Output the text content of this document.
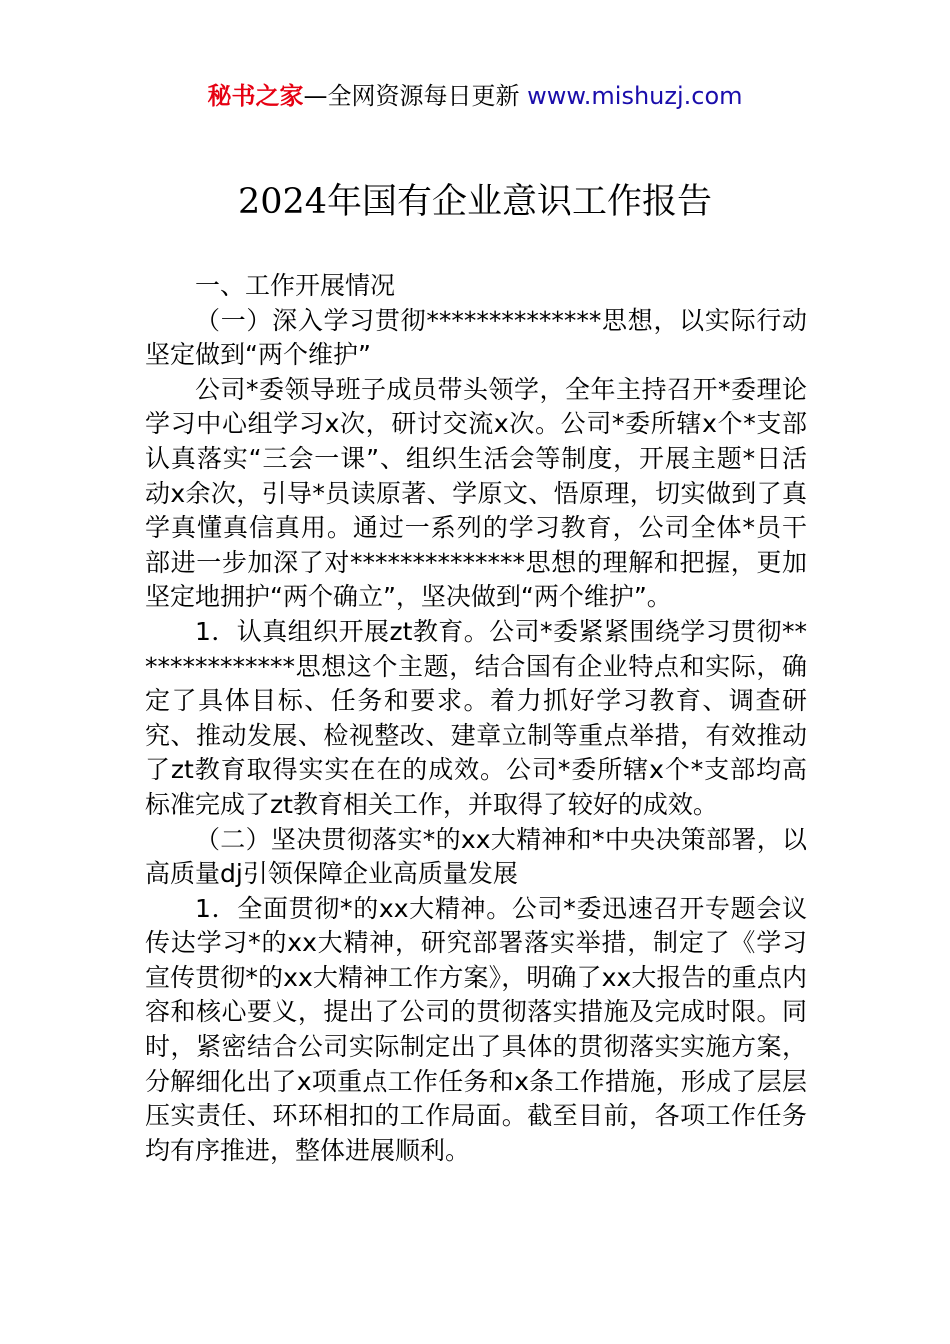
秘书之家—全网资源每日更新 www.mishuzj.com
2024年国有企业意识工作报告

一、工作开展情况

（一）深入学习贯彻**************思想，以实际行动坚定做到“两个维护”

公司*委领导班子成员带头领学，全年主持召开*委理论学习中心组学习x次，研讨交流x次。公司*委所辖x个*支部认真落实“三会一课”、组织生活会等制度，开展主题*日活动x余次，引导*员读原著、学原文、悟原理，切实做到了真学真懂真信真用。通过一系列的学习教育，公司全体*员干部进一步加深了对**************思想的理解和把握，更加坚定地拥护“两个确立”，坚决做到“两个维护”。

1．认真组织开展zt教育。公司*委紧紧围绕学习贯彻**************思想这个主题，结合国有企业特点和实际，确定了具体目标、任务和要求。着力抓好学习教育、调查研究、推动发展、检视整改、建章立制等重点举措，有效推动了zt教育取得实实在在的成效。公司*委所辖x个*支部均高标准完成了zt教育相关工作，并取得了较好的成效。

（二）坚决贯彻落实*的xx大精神和*中央决策部署，以高质量dj引领保障企业高质量发展

1．全面贯彻*的xx大精神。公司*委迅速召开专题会议传达学习*的xx大精神，研究部署落实举措，制定了《学习宣传贯彻*的xx大精神工作方案》，明确了xx大报告的重点内容和核心要义，提出了公司的贯彻落实措施及完成时限。同时，紧密结合公司实际制定出了具体的贯彻落实实施方案，分解细化出了x项重点工作任务和x条工作措施，形成了层层压实责任、环环相扣的工作局面。截至目前，各项工作任务均有序推进，整体进展顺利。
